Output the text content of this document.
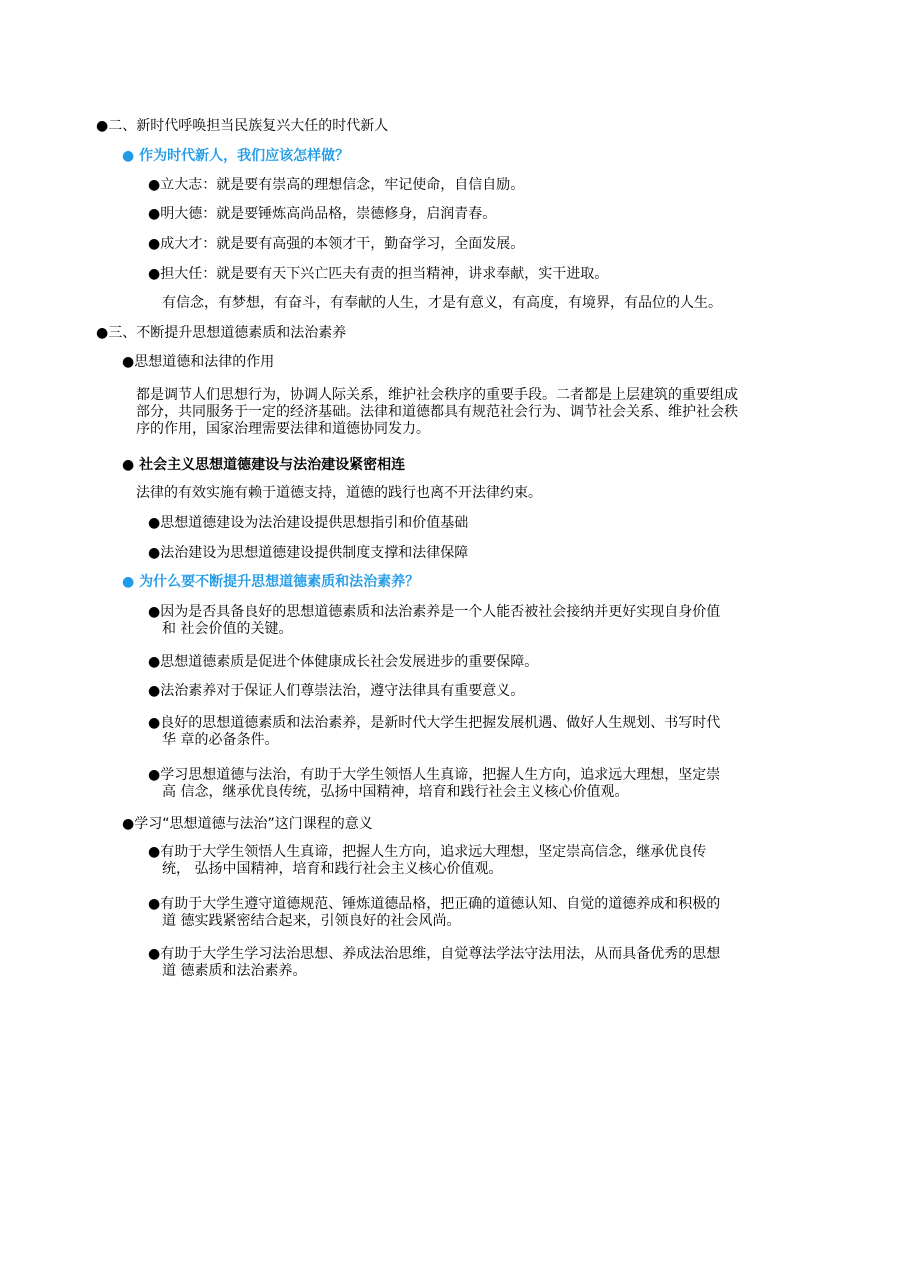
●二、新时代呼唤担当民族复兴大任的时代新人
● 作为时代新人，我们应该怎样做？
●立大志：就是要有崇高的理想信念，牢记使命，自信自励。
●明大德：就是要锤炼高尚品格，崇德修身，启润青春。
●成大才：就是要有高强的本领才干，勤奋学习，全面发展。
●担大任：就是要有天下兴亡匹夫有责的担当精神，讲求奉献，实干进取。
有信念，有梦想，有奋斗，有奉献的人生，才是有意义，有高度，有境界，有品位的人生。
●三、不断提升思想道德素质和法治素养
●思想道德和法律的作用
都是调节人们思想行为，协调人际关系，维护社会秩序的重要手段。二者都是上层建筑的重要组成
部分，共同服务于一定的经济基础。法律和道德都具有规范社会行为、调节社会关系、维护社会秩
序的作用，国家治理需要法律和道德协同发力。
● 社会主义思想道德建设与法治建设紧密相连
法律的有效实施有赖于道德支持，道德的践行也离不开法律约束。
●思想道德建设为法治建设提供思想指引和价值基础
●法治建设为思想道德建设提供制度支撑和法律保障
● 为什么要不断提升思想道德素质和法治素养？
●因为是否具备良好的思想道德素质和法治素养是一个人能否被社会接纳并更好实现自身价值
和 社会价值的关键。
●思想道德素质是促进个体健康成长社会发展进步的重要保障。
●法治素养对于保证人们尊崇法治，遵守法律具有重要意义。
●良好的思想道德素质和法治素养，是新时代大学生把握发展机遇、做好人生规划、书写时代
华 章的必备条件。
●学习思想道德与法治，有助于大学生领悟人生真谛，把握人生方向，追求远大理想，坚定崇
高 信念，继承优良传统，弘扬中国精神，培育和践行社会主义核心价值观。
●学习“思想道德与法治”这门课程的意义
●有助于大学生领悟人生真谛，把握人生方向，追求远大理想，坚定崇高信念，继承优良传
统， 弘扬中国精神，培育和践行社会主义核心价值观。
●有助于大学生遵守道德规范、锤炼道德品格，把正确的道德认知、自觉的道德养成和积极的
道 德实践紧密结合起来，引领良好的社会风尚。
●有助于大学生学习法治思想、养成法治思维，自觉尊法学法守法用法，从而具备优秀的思想
道 德素质和法治素养。
